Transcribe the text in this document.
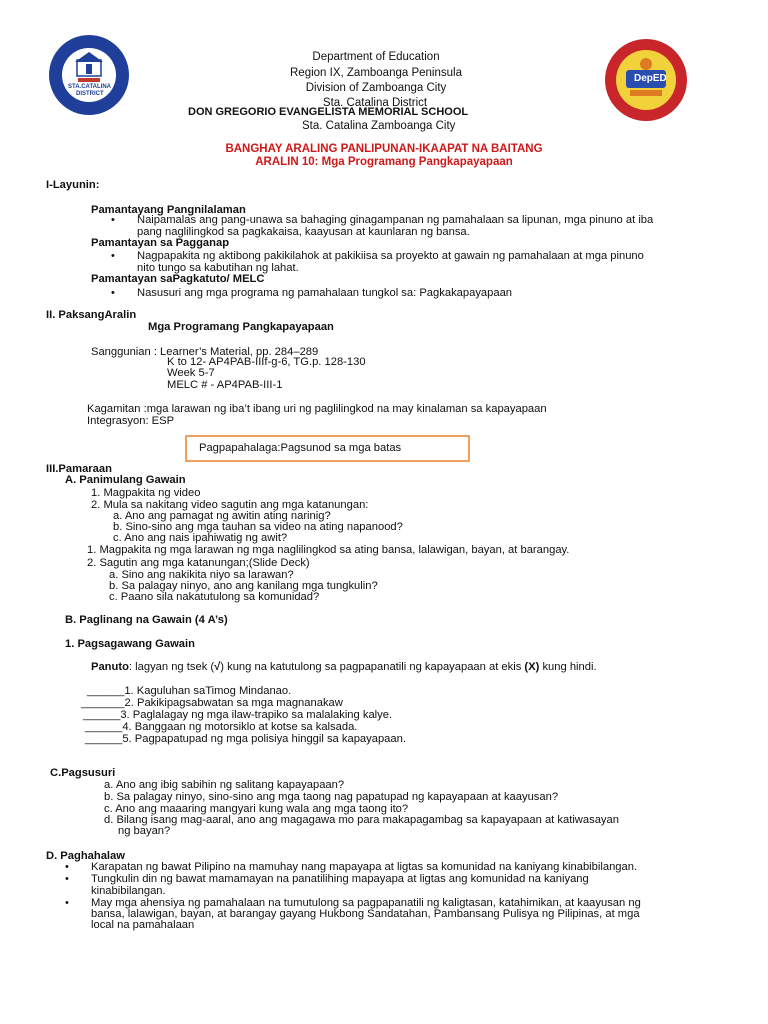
STA.CATALINA
DISTRICT
DepED
Department of Education
Region IX, Zamboanga Peninsula
Division of Zamboanga City
Sta. Catalina District
DON GREGORIO EVANGELISTA MEMORIAL SCHOOL
Sta. Catalina Zamboanga City
BANGHAY ARALING PANLIPUNAN-IKAAPAT NA BAITANG
ARALIN 10: Mga Programang Pangkapayapaan
I-Layunin:
Pamantayang Pangnilalaman
• Naipamalas ang pang-unawa sa bahaging ginagampanan ng pamahalaan sa lipunan, mga pinuno at iba
pang naglilingkod sa pagkakaisa, kaayusan at kaunlaran ng bansa.
Pamantayan sa Pagganap
• Nagpapakita ng aktibong pakikilahok at pakikiisa sa proyekto at gawain ng pamahalaan at mga pinuno
nito tungo sa kabutihan ng lahat.
Pamantayan saPagkatuto/ MELC
• Nasusuri ang mga programa ng pamahalaan tungkol sa: Pagkakapayapaan
II. PaksangAralin
Mga Programang Pangkapayapaan
Sanggunian : Learner’s Material, pp. 284–289
K to 12- AP4PAB-IIIf-g-6, TG.p. 128-130
Week 5-7
MELC # - AP4PAB-III-1
Kagamitan :mga larawan ng iba’t ibang uri ng paglilingkod na may kinalaman sa kapayapaan
Integrasyon: ESP
Pagpapahalaga:Pagsunod sa mga batas
III.Pamaraan
A. Panimulang Gawain
1. Magpakita ng video
2. Mula sa nakitang video sagutin ang mga katanungan:
a. Ano ang pamagat ng awitin ating narinig?
b. Sino-sino ang mga tauhan sa video na ating napanood?
c. Ano ang nais ipahiwatig ng awit?
1. Magpakita ng mga larawan ng mga naglilingkod sa ating bansa, lalawigan, bayan, at barangay.
2. Sagutin ang mga katanungan;(Slide Deck)
a. Sino ang nakikita niyo sa larawan?
b. Sa palagay ninyo, ano ang kanilang mga tungkulin?
c. Paano sila nakatutulong sa komunidad?
B. Paglinang na Gawain (4 A’s)
1. Pagsagawang Gawain
Panuto: lagyan ng tsek (√) kung na katutulong sa pagpapanatili ng kapayapaan at ekis (X) kung hindi.
______1. Kaguluhan saTimog Mindanao.
_______2. Pakikipagsabwatan sa mga magnanakaw
______3. Paglalagay ng mga ilaw-trapiko sa malalaking kalye.
______4. Banggaan ng motorsiklo at kotse sa kalsada.
______5. Pagpapatupad ng mga polisiya hinggil sa kapayapaan.
C.Pagsusuri
a. Ano ang ibig sabihin ng salitang kapayapaan?
b. Sa palagay ninyo, sino-sino ang mga taong nag papatupad ng kapayapaan at kaayusan?
c. Ano ang maaaring mangyari kung wala ang mga taong ito?
d. Bilang isang mag-aaral, ano ang magagawa mo para makapagambag sa kapayapaan at katiwasayan
ng bayan?
D. Paghahalaw
• Karapatan ng bawat Pilipino na mamuhay nang mapayapa at ligtas sa komunidad na kaniyang kinabibilangan.
• Tungkulin din ng bawat mamamayan na panatilihing mapayapa at ligtas ang komunidad na kaniyang
kinabibilangan.
• May mga ahensiya ng pamahalaan na tumutulong sa pagpapanatili ng kaligtasan, katahimikan, at kaayusan ng
bansa, lalawigan, bayan, at barangay gayang Hukbong Sandatahan, Pambansang Pulisya ng Pilipinas, at mga
local na pamahalaan
